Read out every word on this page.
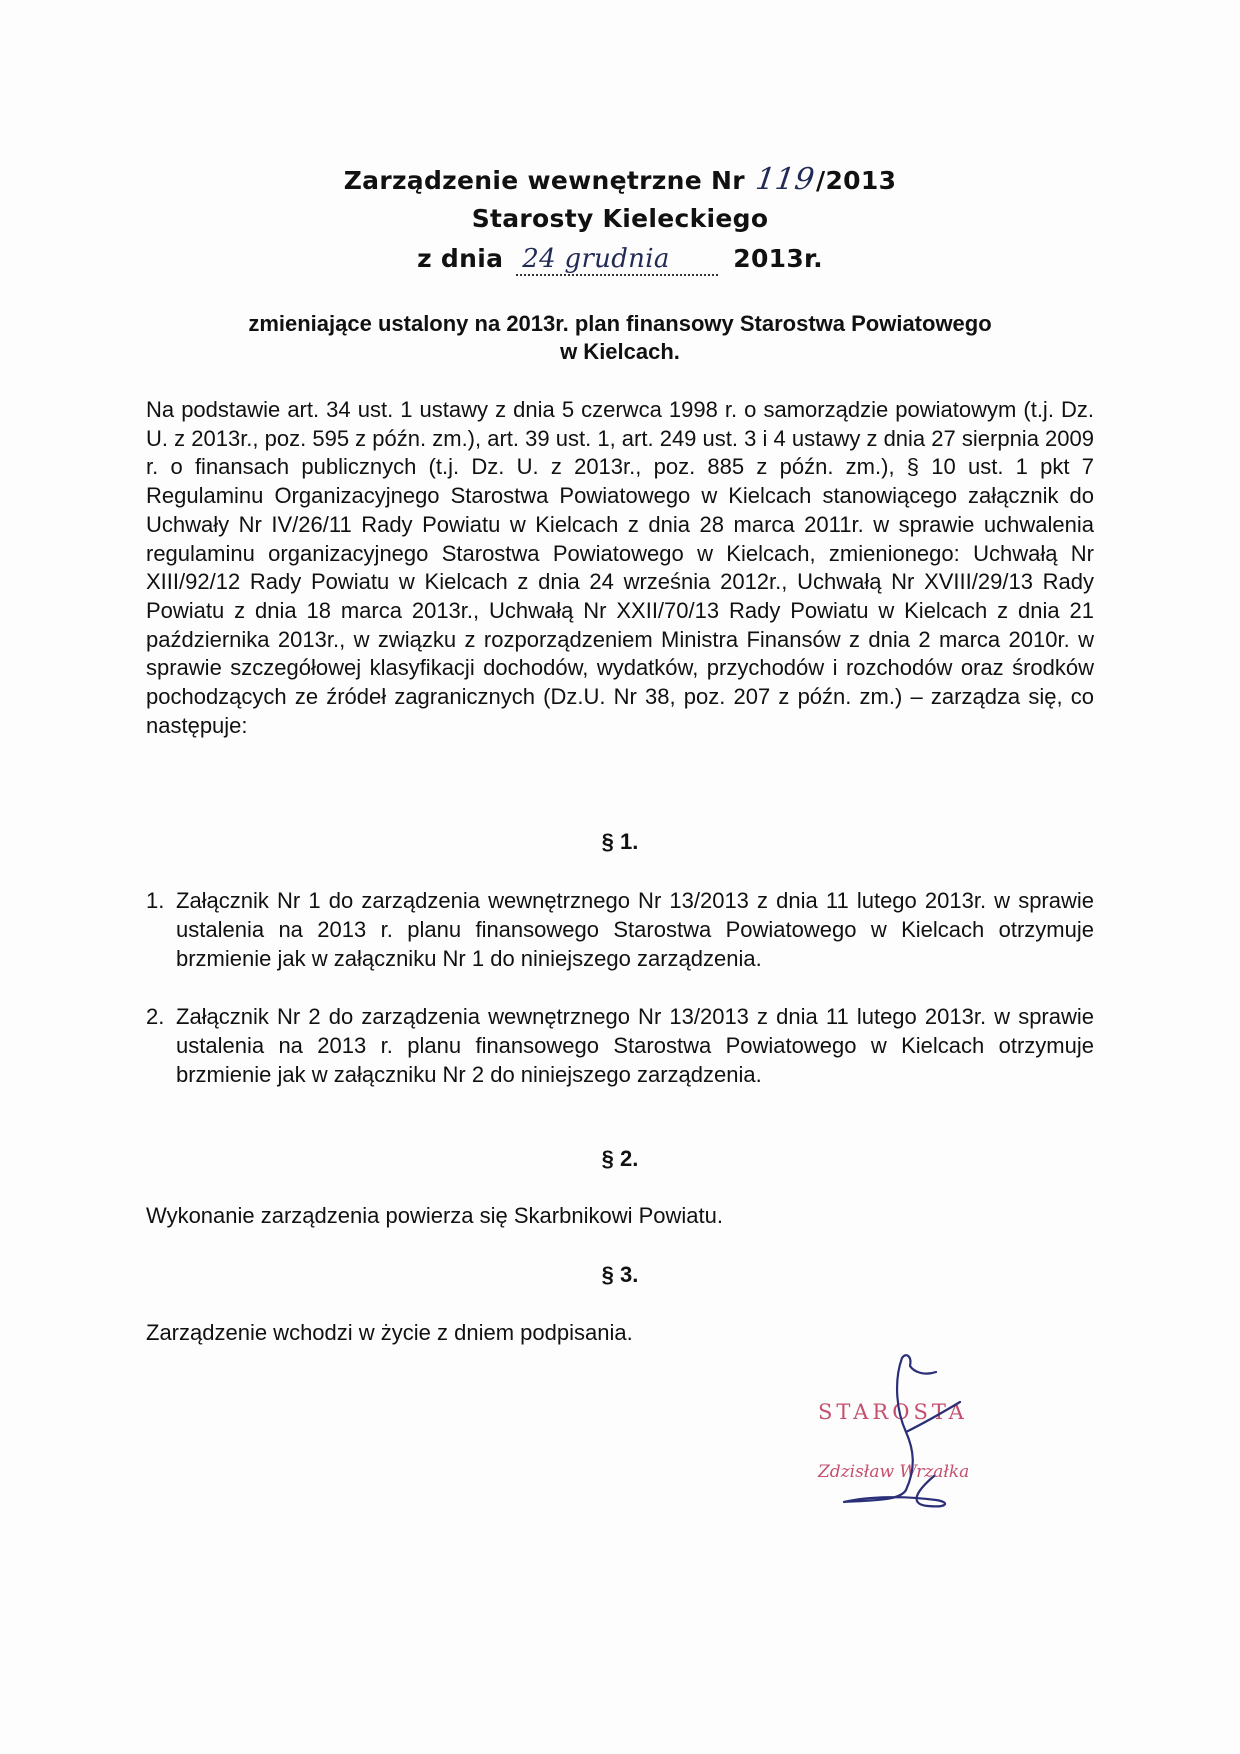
Zarządzenie wewnętrzne Nr 119/2013
Starosty Kieleckiego
z dnia 24 grudnia	2013r.
zmieniające ustalony na 2013r. plan finansowy Starostwa Powiatowego
w Kielcach.
Na podstawie art. 34 ust. 1 ustawy z dnia 5 czerwca 1998 r. o samorządzie powiatowym (t.j. Dz. U. z 2013r., poz. 595 z późn. zm.), art. 39 ust. 1, art. 249 ust. 3 i 4 ustawy z dnia 27 sierpnia 2009 r. o finansach publicznych (t.j. Dz. U. z 2013r., poz. 885 z późn. zm.), § 10 ust. 1 pkt 7 Regulaminu Organizacyjnego Starostwa Powiatowego w Kielcach stanowiącego załącznik do Uchwały Nr IV/26/11 Rady Powiatu w Kielcach z dnia 28 marca 2011r. w sprawie uchwalenia regulaminu organizacyjnego Starostwa Powiatowego w Kielcach, zmienionego: Uchwałą Nr XIII/92/12 Rady Powiatu w Kielcach z dnia 24 września 2012r., Uchwałą Nr XVIII/29/13 Rady Powiatu z dnia 18 marca 2013r., Uchwałą Nr XXII/70/13 Rady Powiatu w Kielcach z dnia 21 października 2013r., w związku z rozporządzeniem Ministra Finansów z dnia 2 marca 2010r. w sprawie szczegółowej klasyfikacji dochodów, wydatków, przychodów i rozchodów oraz środków pochodzących ze źródeł zagranicznych (Dz.U. Nr 38, poz. 207 z późn. zm.) – zarządza się, co następuje:
§ 1.
1. Załącznik Nr 1 do zarządzenia wewnętrznego Nr 13/2013 z dnia 11 lutego 2013r. w sprawie ustalenia na 2013 r. planu finansowego Starostwa Powiatowego w Kielcach otrzymuje brzmienie jak w załączniku Nr 1 do niniejszego zarządzenia.
2. Załącznik Nr 2 do zarządzenia wewnętrznego Nr 13/2013 z dnia 11 lutego 2013r. w sprawie ustalenia na 2013 r. planu finansowego Starostwa Powiatowego w Kielcach otrzymuje brzmienie jak w załączniku Nr 2 do niniejszego zarządzenia.
§ 2.
Wykonanie zarządzenia powierza się Skarbnikowi Powiatu.
§ 3.
Zarządzenie wchodzi w życie z dniem podpisania.
STAROSTA
Zdzisław Wrzałka
